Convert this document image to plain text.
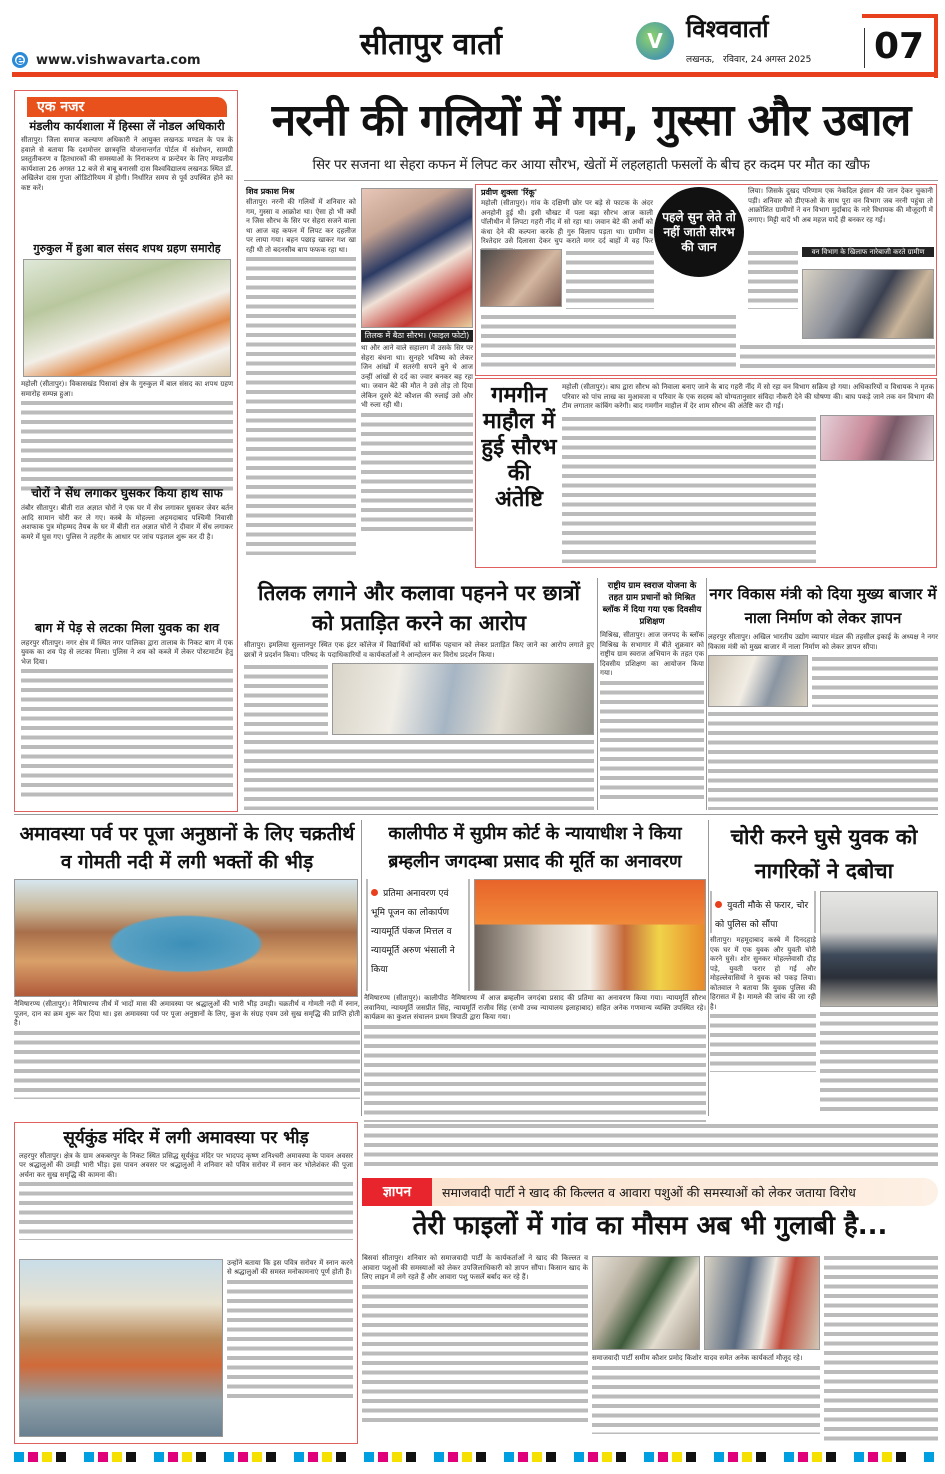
e www.vishwavarta.com	सीतापुर वार्ता	V विश्ववार्ता
लखनऊ,   रविवार, 24 अगस्त 2025 07
एक नजर
मंडलीय कार्यशाला में हिस्सा लें नोडल अधिकारी
सीतापुर। जिला समाज कल्याण अधिकारी ने आयुक्त लखनऊ मण्डल के पत्र के हवाले से बताया कि दशमोत्तर छात्रवृत्ति योजनान्तर्गत पोर्टल में संशोधन, सामग्री प्रस्तुतीकरण व हितधारकों की समस्याओं के निराकरण व फ्रन्टेयर के लिए मण्डलीय कार्यशाला 26 अगस्त 12 बजे से बाबू बनारसी दास विश्वविद्यालय लखनऊ स्थित डॉ. अखिलेश दास गुप्ता ऑडिटोरियम में होगी। निर्धारित समय से पूर्व उपस्थित होने का कष्ट करें।
गुरुकुल में हुआ बाल संसद शपथ ग्रहण समारोह
महोली (सीतापुर)। विकासखंड पिसावां क्षेत्र के गुरुकुल में बाल संसद का शपथ ग्रहण समारोह सम्पन्न हुआ।
चोरों ने सेंध लगाकर घुसकर किया हाथ साफ
तंबौर सीतापुर। बीती रात अज्ञात चोरों ने एक घर में सेंध लगाकर घुसकर जेवर बर्तन आदि सामान चोरी कर ले गए। कस्बे के मोहल्ला अहमदाबाद पश्चिमी निवासी अशफाक पुत्र मोहम्मद तैयब के घर में बीती रात अज्ञात चोरों ने दीवार में सेंध लगाकर कमरे में घुस गए। पुलिस ने तहरीर के आधार पर जांच पड़ताल शुरू कर दी है।
बाग में पेड़ से लटका मिला युवक का शव
लहरपुर सीतापुर। नगर क्षेत्र में स्थित नगर पालिका द्वारा तालाब के निकट बाग में एक युवक का शव पेड़ से लटका मिला। पुलिस ने शव को कब्जे में लेकर पोस्टमार्टम हेतु भेज दिया।
नरनी की गलियों में गम, गुस्सा और उबाल
सिर पर सजना था सेहरा कफन में लिपट कर आया सौरभ, खेतों में लहलहाती फसलों के बीच हर कदम पर मौत का खौफ
शिव प्रकाश मिश्र
सीतापुर। नरनी की गलियों में शनिवार को गम, गुस्सा व आक्रोश था। ऐसा हो भी क्यों न जिस सौरभ के सिर पर सेहरा सजने वाला था आज वह कफन में लिपट कर दहलीज पर लाया गया। बहन पछाड़ खाकर गश खा रही थी तो बदनसीब बाप फफक रहा था।
तिलक में बैठा सौरभ। (फाइल फोटो)
था और आने वाले सहालग में उसके सिर पर सेहरा बंधना था। सुनहरे भविष्य को लेकर जिन आंखों में सतरंगी सपने बुने थे आज उन्हीं आंखों से दर्द का ज्वार बनकर बह रहा था। जवान बेटे की मौत ने उसे तोड़ तो दिया लेकिन दूसरे बेटे कौशल की रुलाई उसे और भी रुला रही थी।
प्रवीण शुक्ला 'रिंकू'
महोली (सीतापुर)। गांव के दक्षिणी छोर पर बड़े से फाटक के अंदर अनहोनी हुई थी। इसी चौखट में पला बढ़ा सौरभ आज काली पॉलीथीन में लिपटा गहरी नींद में सो रहा था। जवान बेटे की अर्थी को कंधा देने की कल्पना करके ही गुरु विलाप पड़ता था। ग्रामीण व रिश्तेदार उसे दिलासा देकर चुप कराते मगर दर्द बाहों में वह फिर
पहले सुन लेते तो नहीं जाती सौरभ की जान
लिया। जिसके दुखद परिणाम एक नेकदिल इंसान की जान देकर चुकानी पड़ी। शनिवार को डीएफओ के साथ पूरा वन विभाग जब नरनी पहुंचा तो आक्रोशित ग्रामीणों ने वन विभाग मुर्दाबाद के नारे विधायक की मौजूदगी में लगाए। मिट्टी यादें भी अब महज यादें ही बनकर रह गईं।
वन विभाग के खिलाफ नारेबाजी करते ग्रामीण
गमगीन माहौल में हुई सौरभ की अंतेष्टि
महोली (सीतापुर)। बाघ द्वारा सौरभ को निवाला बनाए जाने के बाद गहरी नींद में सो रहा वन विभाग सक्रिय हो गया। अधिकारियों व विधायक ने मृतक परिवार को पांच लाख का मुआवजा व परिवार के एक सदस्य को योग्यतानुसार संविदा नौकरी देने की घोषणा की। बाघ पकड़े जाने तक वन विभाग की टीम लगातार कांबिंग करेगी। बाद गमगीन माहौल में देर शाम सौरभ की अंतेष्टि कर दी गई।
तिलक लगाने और कलावा पहनने पर छात्रों को प्रताड़ित करने का आरोप
सीतापुर। इमलिया सुल्तानपुर स्थित एक इंटर कॉलेज में विद्यार्थियों को धार्मिक पहचान को लेकर प्रताड़ित किए जाने का आरोप लगाते हुए छात्रों ने प्रदर्शन किया। परिषद के पदाधिकारियों व कार्यकर्ताओं ने आन्दोलन कर विरोध प्रदर्शन किया।
राष्ट्रीय ग्राम स्वराज योजना के तहत ग्राम प्रधानों को मिश्रित ब्लॉक में दिया गया एक दिवसीय प्रशिक्षण
मिश्रिख, सीतापुर। आज जनपद के ब्लॉक मिश्रिख के सभागार में बीते शुक्रवार को राष्ट्रीय ग्राम स्वराज अभियान के तहत एक दिवसीय प्रशिक्षण का आयोजन किया गया।
नगर विकास मंत्री को दिया मुख्य बाजार में नाला निर्माण को लेकर ज्ञापन
लहरपुर सीतापुर। अखिल भारतीय उद्योग व्यापार मंडल की तहसील इकाई के अध्यक्ष ने नगर विकास मंत्री को मुख्य बाजार में नाला निर्माण को लेकर ज्ञापन सौंपा।
अमावस्या पर्व पर पूजा अनुष्ठानों के लिए चक्रतीर्थ व गोमती नदी में लगी भक्तों की भीड़
नैमिषारण्य (सीतापुर)। नैमिषारण्य तीर्थ में भादों मास की अमावस्या पर श्रद्धालुओं की भारी भीड़ उमड़ी। चक्रतीर्थ व गोमती नदी में स्नान, पूजन, दान का क्रम शुरू कर दिया था। इस अमावस्या पर्व पर पूजा अनुष्ठानों के लिए, कुश के संग्रह एवम उसे सुख समृद्धि की प्राप्ति होती है।
कालीपीठ में सुप्रीम कोर्ट के न्यायाधीश ने किया ब्रम्हलीन जगदम्बा प्रसाद की मूर्ति का अनावरण
प्रतिमा अनावरण एवं भूमि पूजन का लोकार्पण न्यायमूर्ति पंकज मित्तल व न्यायमूर्ति अरुण भंसाली ने किया
नैमिषारण्य (सीतापुर)। कालीपीठ नैमिषारण्य में आज ब्रम्हलीन जगदंबा प्रसाद की प्रतिमा का अनावरण किया गया। न्यायमूर्ति सौरभ लवानिया, न्यायमूर्ति जसप्रीत सिंह, न्यायमूर्ति राजीव सिंह (सभी उच्च न्यायालय इलाहाबाद) सहित अनेक गणमान्य व्यक्ति उपस्थित रहे। कार्यक्रम का कुशल संचालन प्रथम त्रिपाठी द्वारा किया गया।
चोरी करने घुसे युवक को नागरिकों ने दबोचा
युवती मौके से फरार, चोर को पुलिस को सौंपा
सीतापुर। महमूदाबाद कस्बे में दिनदहाड़े एक घर में एक युवक और युवती चोरी करने घुसे। शोर सुनकर मोहल्लेवासी दौड़ पड़े, युवती फरार हो गई और मोहल्लेवासियों ने युवक को पकड़ लिया। कोतवाल ने बताया कि युवक पुलिस की हिरासत में है। मामले की जांच की जा रही है।
सूर्यकुंड मंदिर में लगी अमावस्या पर भीड़
लहरपुर सीतापुर। क्षेत्र के ग्राम अकबरपुर के निकट स्थित प्रसिद्ध सूर्यकुंड मंदिर पर भादपद कृष्ण शनिश्चरी अमावस्या के पावन अवसर पर श्रद्धालुओं की उमड़ी भारी भीड़। इस पावन अवसर पर श्रद्धालुओं ने शनिवार को पवित्र सरोवर में स्नान कर भोलेशंकर की पूजा अर्चना कर सुख समृद्धि की कामना की।
उन्होंने बताया कि इस पवित्र सरोवर में स्नान करने से श्रद्धालुओं की समस्त मनोकामनाएं पूर्ण होती हैं।
ज्ञापन	समाजवादी पार्टी ने खाद की किल्लत व आवारा पशुओं की समस्याओं को लेकर जताया विरोध
तेरी फाइलों में गांव का मौसम अब भी गुलाबी है...
बिसवां सीतापुर। शनिवार को समाजवादी पार्टी के कार्यकर्ताओं ने खाद की किल्लत व आवारा पशुओं की समस्याओं को लेकर उपजिलाधिकारी को ज्ञापन सौंपा। किसान खाद के लिए लाइन में लगे रहते हैं और आवारा पशु फसलें बर्बाद कर रहे हैं।
समाजवादी पार्टी समीम कौशर प्रमोद किशोर यादव समेत अनेक कार्यकर्ता मौजूद रहे।
